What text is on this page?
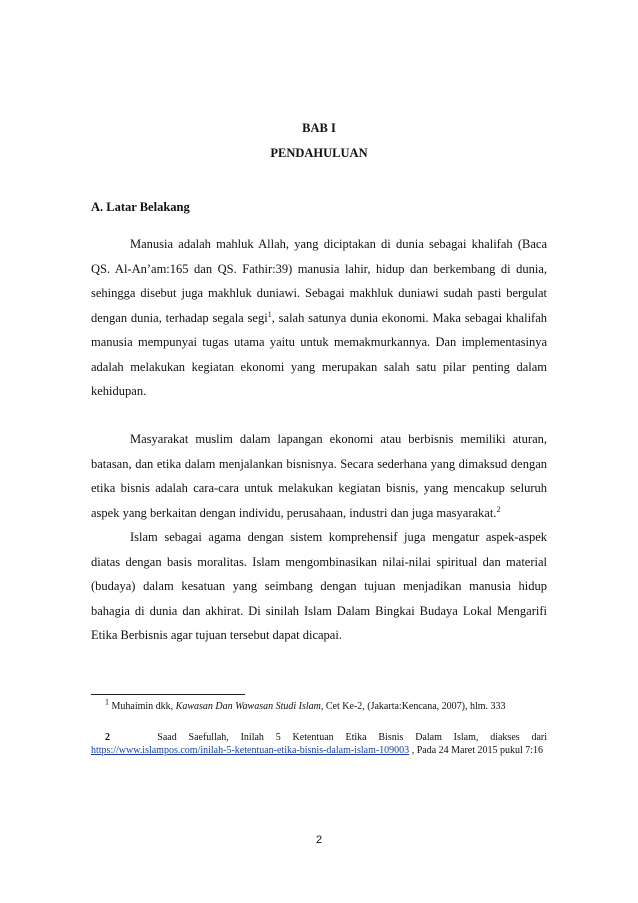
BAB I
PENDAHULUAN
A. Latar Belakang

Manusia adalah mahluk Allah, yang diciptakan di dunia sebagai khalifah (Baca QS. Al-An’am:165 dan QS. Fathir:39) manusia lahir, hidup dan berkembang di dunia, sehingga disebut juga makhluk duniawi. Sebagai makhluk duniawi sudah pasti bergulat dengan dunia, terhadap segala segi$^1$, salah satunya dunia ekonomi. Maka sebagai khalifah manusia mempunyai tugas utama yaitu untuk memakmurkannya. Dan implementasinya adalah melakukan kegiatan ekonomi yang merupakan salah satu pilar penting dalam kehidupan.

Masyarakat muslim dalam lapangan ekonomi atau berbisnis memiliki aturan, batasan, dan etika dalam menjalankan bisnisnya. Secara sederhana yang dimaksud dengan etika bisnis adalah cara-cara untuk melakukan kegiatan bisnis, yang mencakup seluruh aspek yang berkaitan dengan individu, perusahaan, industri dan juga masyarakat.$^2$

Islam sebagai agama dengan sistem komprehensif juga mengatur aspek-aspek diatas dengan basis moralitas. Islam mengombinasikan nilai-nilai spiritual dan material (budaya) dalam kesatuan yang seimbang dengan tujuan menjadikan manusia hidup bahagia di dunia dan akhirat. Di sinilah Islam Dalam Bingkai Budaya Lokal Mengarifi Etika Berbisnis agar tujuan tersebut dapat dicapai.

$^1$ Muhaimin dkk, Kawasan Dan Wawasan Studi Islam, Cet Ke-2, (Jakarta:Kencana, 2007), hlm. 333

2	Saad Saefullah, Inilah 5 Ketentuan Etika Bisnis Dalam Islam, diakses dari https://www.islampos.com/inilah-5-ketentuan-etika-bisnis-dalam-islam-109003 , Pada 24 Maret 2015 pukul 7:16

2
